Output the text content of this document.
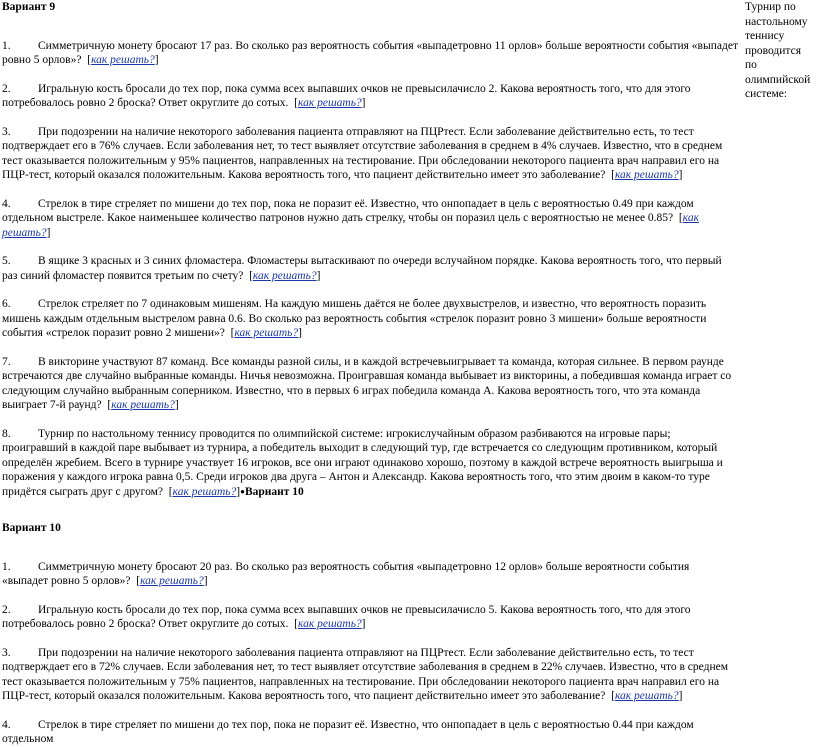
Вариант 9

1. Симметричную монету бросают 17 раз. Во сколько раз вероятность события «выпадетровно 11 орлов» больше вероятности события «выпадет ровно 5 орлов»?  [как решать?]

2. Игральную кость бросали до тех пор, пока сумма всех выпавших очков не превысилачисло 2. Какова вероятность того, что для этого потребовалось ровно 2 броска? Ответ округлите до сотых.  [как решать?]

3. При подозрении на наличие некоторого заболевания пациента отправляют на ПЦРтест. Если заболевание действительно есть, то тест подтверждает его в 76% случаев. Если заболевания нет, то тест выявляет отсутствие заболевания в среднем в 4% случаев. Известно, что в среднем тест оказывается положительным у 95% пациентов, направленных на тестирование. При обследовании некоторого пациента врач направил его на ПЦР-тест, который оказался положительным. Какова вероятность того, что пациент действительно имеет это заболевание?  [как решать?]

4. Стрелок в тире стреляет по мишени до тех пор, пока не поразит её. Известно, что онпопадает в цель с вероятностью 0.49 при каждом отдельном выстреле. Какое наименьшее количество патронов нужно дать стрелку, чтобы он поразил цель с вероятностью не менее 0.85?  [как решать?]

5. В ящике 3 красных и 3 синих фломастера. Фломастеры вытаскивают по очереди вслучайном порядке. Какова вероятность того, что первый раз синий фломастер появится третьим по счету?  [как решать?]

6. Стрелок стреляет по 7 одинаковым мишеням. На каждую мишень даётся не более двухвыстрелов, и известно, что вероятность поразить мишень каждым отдельным выстрелом равна 0.6. Во сколько раз вероятность события «стрелок поразит ровно 3 мишени» больше вероятности события «стрелок поразит ровно 2 мишени»?  [как решать?]

7. В викторине участвуют 87 команд. Все команды разной силы, и в каждой встречевыигрывает та команда, которая сильнее. В первом раунде встречаются две случайно выбранные команды. Ничья невозможна. Проигравшая команда выбывает из викторины, а победившая команда играет со следующим случайно выбранным соперником. Известно, что в первых 6 играх победила команда А. Какова вероятность того, что эта команда выиграет 7-й раунд?  [как решать?]

8. Турнир по настольному теннису проводится по олимпийской системе: игрокислучайным образом разбиваются на игровые пары; проигравший в каждой паре выбывает из турнира, а победитель выходит в следующий тур, где встречается со следующим противником, который определён жребием. Всего в турнире участвует 16 игроков, все они играют одинаково хорошо, поэтому в каждой встрече вероятность выигрыша и поражения у каждого игрока равна 0,5. Среди игроков два друга – Антон и Александр. Какова вероятность того, что этим двоим в каком-то туре придётся сыграть друг с другом?  [как решать?]●Вариант 10

Вариант 10

1. Симметричную монету бросают 20 раз. Во сколько раз вероятность события «выпадетровно 12 орлов» больше вероятности события «выпадет ровно 5 орлов»?  [как решать?]

2. Игральную кость бросали до тех пор, пока сумма всех выпавших очков не превысилачисло 5. Какова вероятность того, что для этого потребовалось ровно 2 броска? Ответ округлите до сотых.  [как решать?]

3. При подозрении на наличие некоторого заболевания пациента отправляют на ПЦРтест. Если заболевание действительно есть, то тест подтверждает его в 72% случаев. Если заболевания нет, то тест выявляет отсутствие заболевания в среднем в 22% случаев. Известно, что в среднем тест оказывается положительным у 75% пациентов, направленных на тестирование. При обследовании некоторого пациента врач направил его на ПЦР-тест, который оказался положительным. Какова вероятность того, что пациент действительно имеет это заболевание?  [как решать?]

4. Стрелок в тире стреляет по мишени до тех пор, пока не поразит её. Известно, что онпопадает в цель с вероятностью 0.44 при каждом отдельном

Турнир по настольному теннису проводится по олимпийской системе:
